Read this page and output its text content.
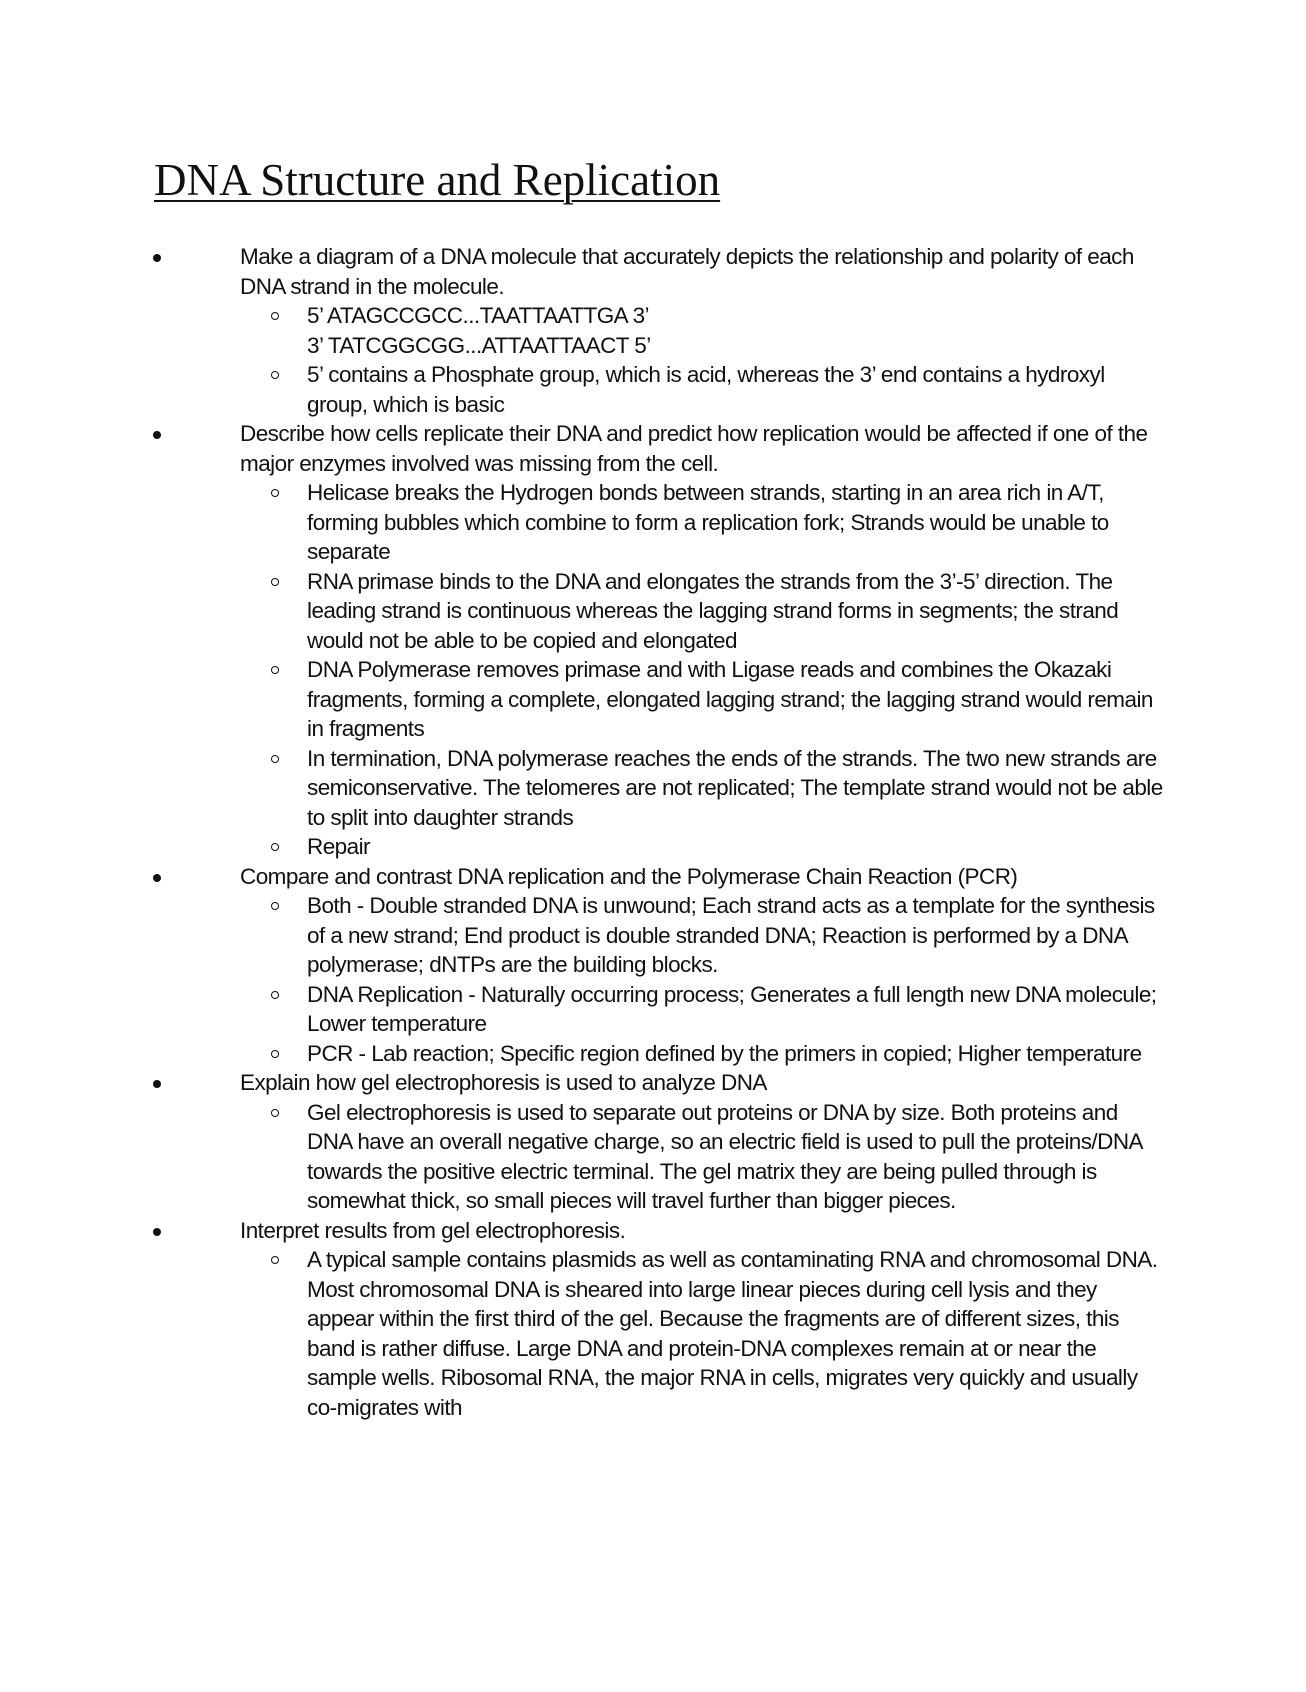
DNA Structure and Replication
Make a diagram of a DNA molecule that accurately depicts the relationship and polarity of each DNA strand in the molecule.
5’ ATAGCCGCC...TAATTAATTGA 3’
3’ TATCGGCGG...ATTAATTAACT 5’
5’ contains a Phosphate group, which is acid, whereas the 3’ end contains a hydroxyl group, which is basic
Describe how cells replicate their DNA and predict how replication would be affected if one of the major enzymes involved was missing from the cell.
Helicase breaks the Hydrogen bonds between strands, starting in an area rich in A/T, forming bubbles which combine to form a replication fork; Strands would be unable to separate
RNA primase binds to the DNA and elongates the strands from the 3’-5’ direction. The leading strand is continuous whereas the lagging strand forms in segments; the strand would not be able to be copied and elongated
DNA Polymerase removes primase and with Ligase reads and combines the Okazaki fragments, forming a complete, elongated lagging strand; the lagging strand would remain in fragments
In termination, DNA polymerase reaches the ends of the strands. The two new strands are semiconservative. The telomeres are not replicated; The template strand would not be able to split into daughter strands
Repair
Compare and contrast DNA replication and the Polymerase Chain Reaction (PCR)
Both - Double stranded DNA is unwound; Each strand acts as a template for the synthesis of a new strand; End product is double stranded DNA; Reaction is performed by a DNA polymerase; dNTPs are the building blocks.
DNA Replication - Naturally occurring process; Generates a full length new DNA molecule; Lower temperature
PCR - Lab reaction; Specific region defined by the primers in copied; Higher temperature
Explain how gel electrophoresis is used to analyze DNA
Gel electrophoresis is used to separate out proteins or DNA by size. Both proteins and DNA have an overall negative charge, so an electric field is used to pull the proteins/DNA towards the positive electric terminal. The gel matrix they are being pulled through is somewhat thick, so small pieces will travel further than bigger pieces.
Interpret results from gel electrophoresis.
A typical sample contains plasmids as well as contaminating RNA and chromosomal DNA. Most chromosomal DNA is sheared into large linear pieces during cell lysis and they appear within the first third of the gel. Because the fragments are of different sizes, this band is rather diffuse. Large DNA and protein-DNA complexes remain at or near the sample wells. Ribosomal RNA, the major RNA in cells, migrates very quickly and usually co-migrates with
